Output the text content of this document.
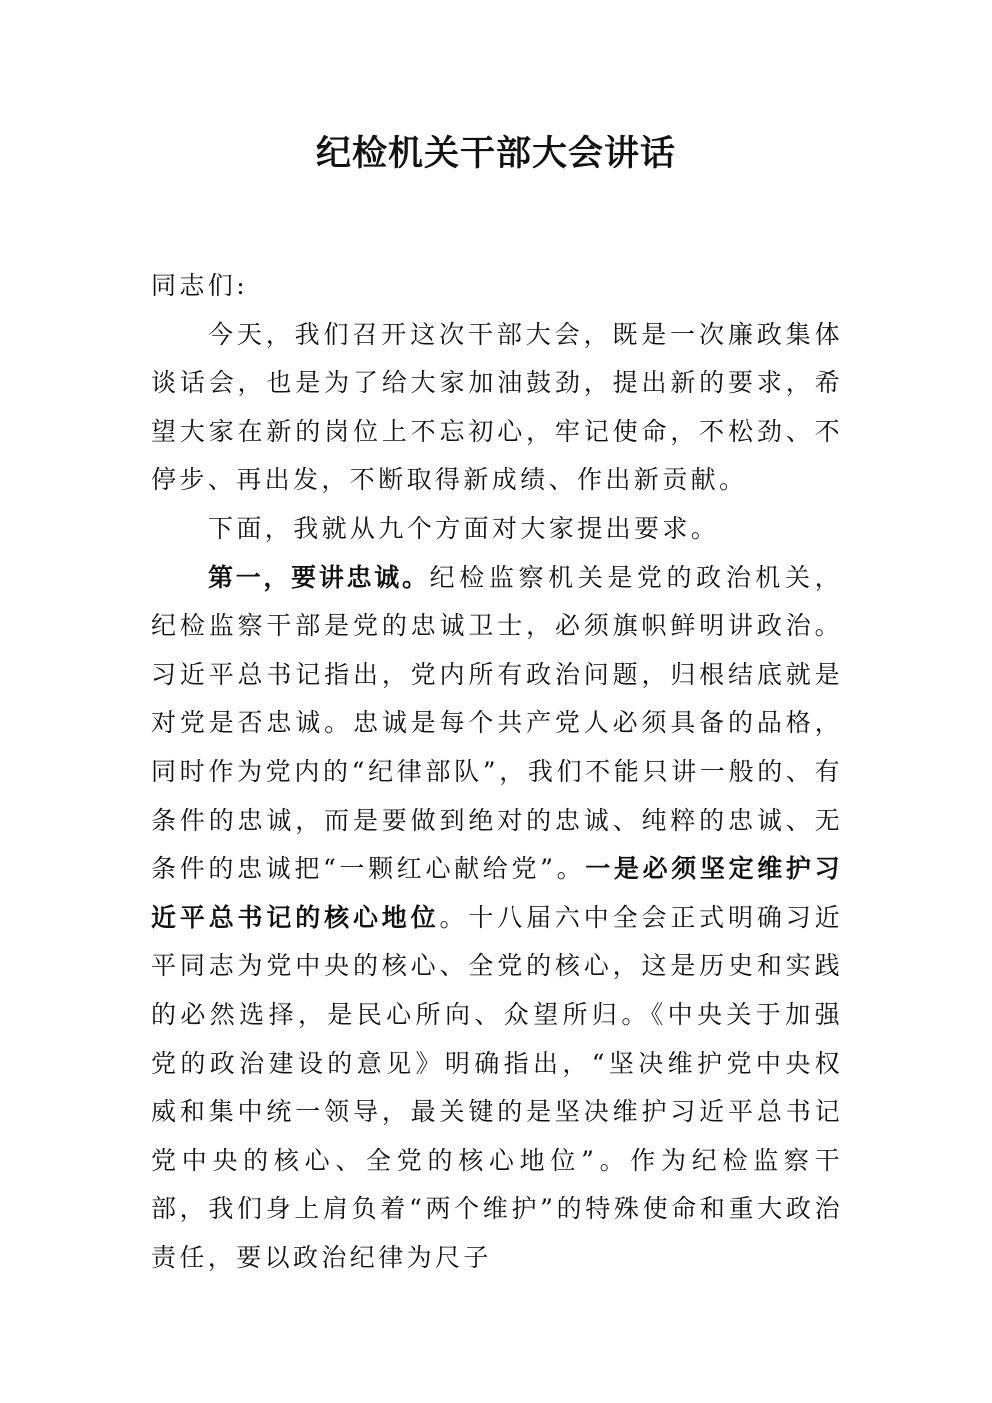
纪检机关干部大会讲话

同志们:

今天，我们召开这次干部大会，既是一次廉政集体谈话会，也是为了给大家加油鼓劲，提出新的要求，希望大家在新的岗位上不忘初心，牢记使命，不松劲、不停步、再出发，不断取得新成绩、作出新贡献。

下面，我就从九个方面对大家提出要求。

第一，要讲忠诚。纪检监察机关是党的政治机关，纪检监察干部是党的忠诚卫士，必须旗帜鲜明讲政治。习近平总书记指出，党内所有政治问题，归根结底就是对党是否忠诚。忠诚是每个共产党人必须具备的品格，同时作为党内的“纪律部队”，我们不能只讲一般的、有条件的忠诚，而是要做到绝对的忠诚、纯粹的忠诚、无条件的忠诚把“一颗红心献给党”。一是必须坚定维护习近平总书记的核心地位。十八届六中全会正式明确习近平同志为党中央的核心、全党的核心，这是历史和实践的必然选择，是民心所向、众望所归。《中央关于加强党的政治建设的意见》明确指出，“坚决维护党中央权威和集中统一领导，最关键的是坚决维护习近平总书记党中央的核心、全党的核心地位”。作为纪检监察干部，我们身上肩负着“两个维护”的特殊使命和重大政治责任，要以政治纪律为尺子
